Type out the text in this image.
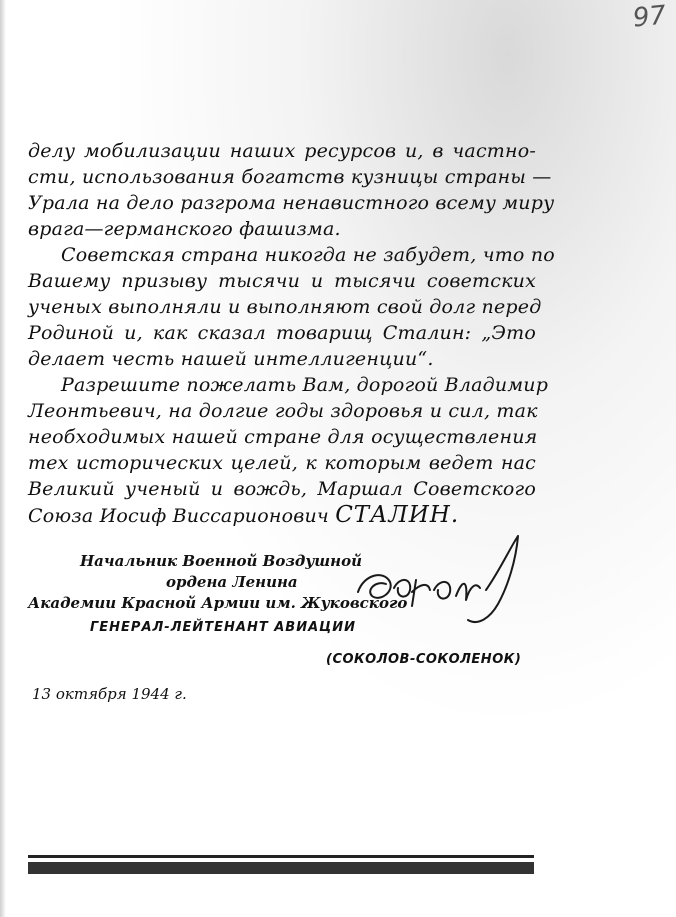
97

делу мобилизации наших ресурсов и, в частно-
сти, использования богатств кузницы страны —
Урала на дело разгрома ненавистного всему миру
врага—германского фашизма.

Советская страна никогда не забудет, что по
Вашему призыву тысячи и тысячи советских
ученых выполняли и выполняют свой долг перед
Родиной и, как сказал товарищ Сталин: „Это
делает честь нашей интеллигенции“.

Разрешите пожелать Вам, дорогой Владимир
Леонтьевич, на долгие годы здоровья и сил, так
необходимых нашей стране для осуществления
тех исторических целей, к которым ведет нас
Великий ученый и вождь, Маршал Советского
Союза Иосиф Виссарионович СТАЛИН.

Начальник Военной Воздушной
ордена Ленина
Академии Красной Армии им. Жуковского
ГЕНЕРАЛ-ЛЕЙТЕНАНТ АВИАЦИИ
(СОКОЛОВ-СОКОЛЕНОК)
13 октября 1944 г.
